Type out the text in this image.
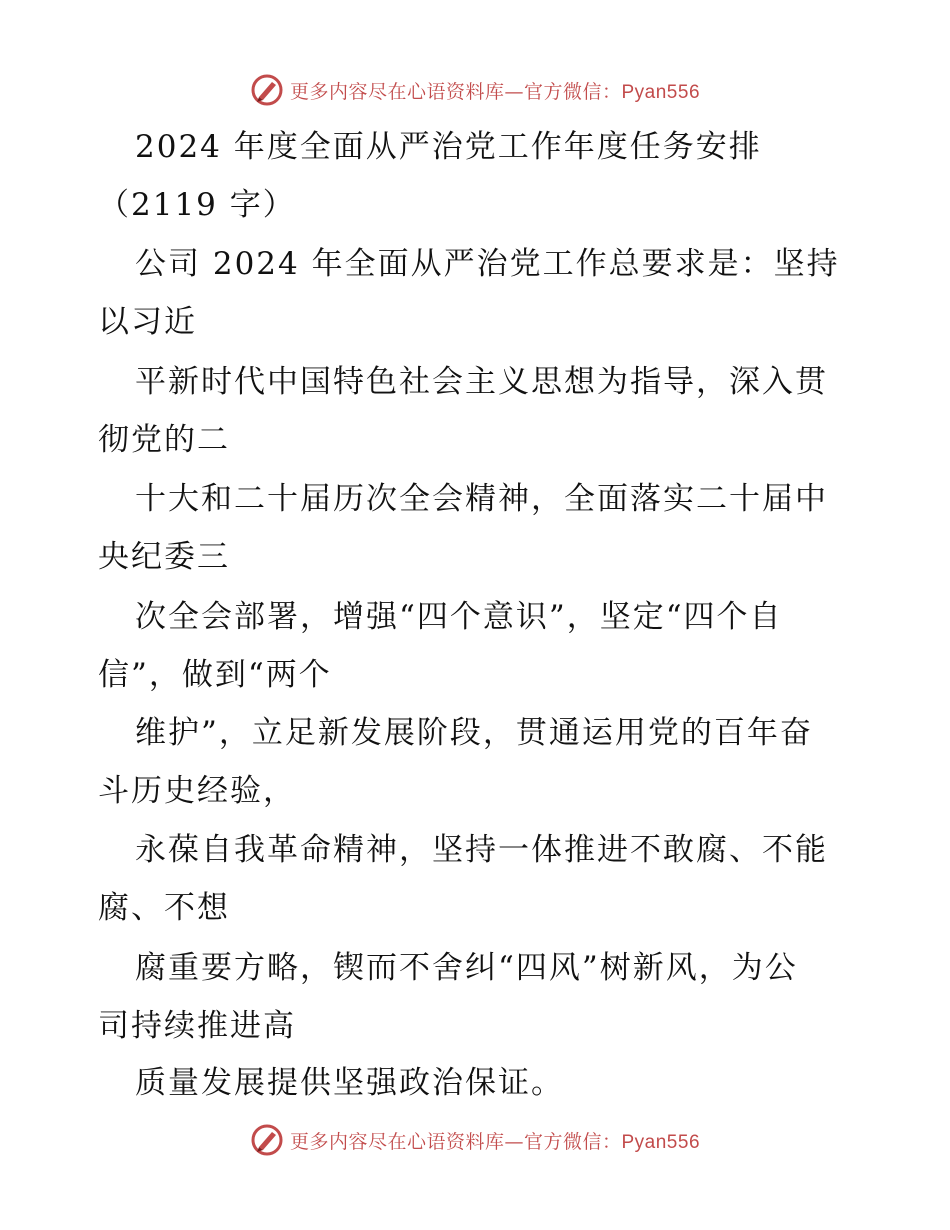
更多内容尽在心语资料库—官方微信：Pyan556
2024 年度全面从严治党工作年度任务安排
（2119 字）
公司 2024 年全面从严治党工作总要求是：坚持
以习近
平新时代中国特色社会主义思想为指导，深入贯
彻党的二
十大和二十届历次全会精神，全面落实二十届中
央纪委三
次全会部署，增强“四个意识”，坚定“四个自
信”，做到“两个
维护”，立足新发展阶段，贯通运用党的百年奋
斗历史经验，
永葆自我革命精神，坚持一体推进不敢腐、不能
腐、不想
腐重要方略，锲而不舍纠“四风”树新风，为公
司持续推进高
质量发展提供坚强政治保证。
更多内容尽在心语资料库—官方微信：Pyan556
